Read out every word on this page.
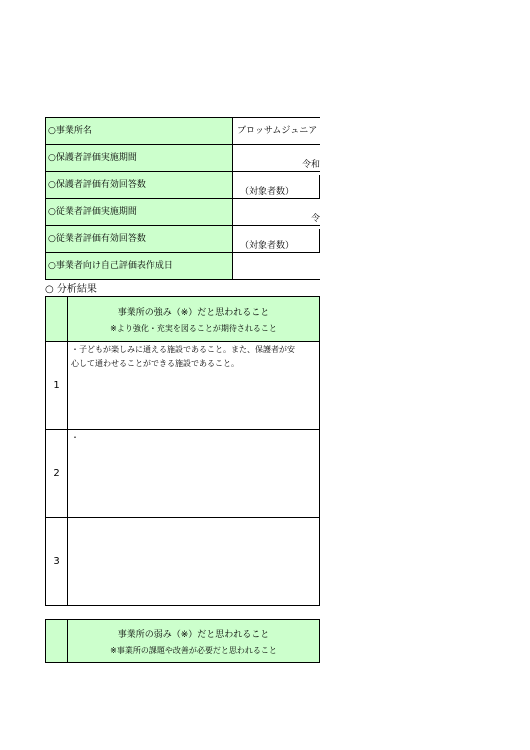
○事業所名	ブロッサムジュニア
○保護者評価実施期間
令和
○保護者評価有効回答数
（対象者数）
○従業者評価実施期間
令
○従業者評価有効回答数
（対象者数）
○事業者向け自己評価表作成日
○ 分析結果
事業所の強み（※）だと思われること
※より強化・充実を図ることが期待されること
1
・子どもが楽しみに通える施設であること。また、保護者が安
心して通わせることができる施設であること。
2
・
3
事業所の弱み（※）だと思われること
※事業所の課題や改善が必要だと思われること
